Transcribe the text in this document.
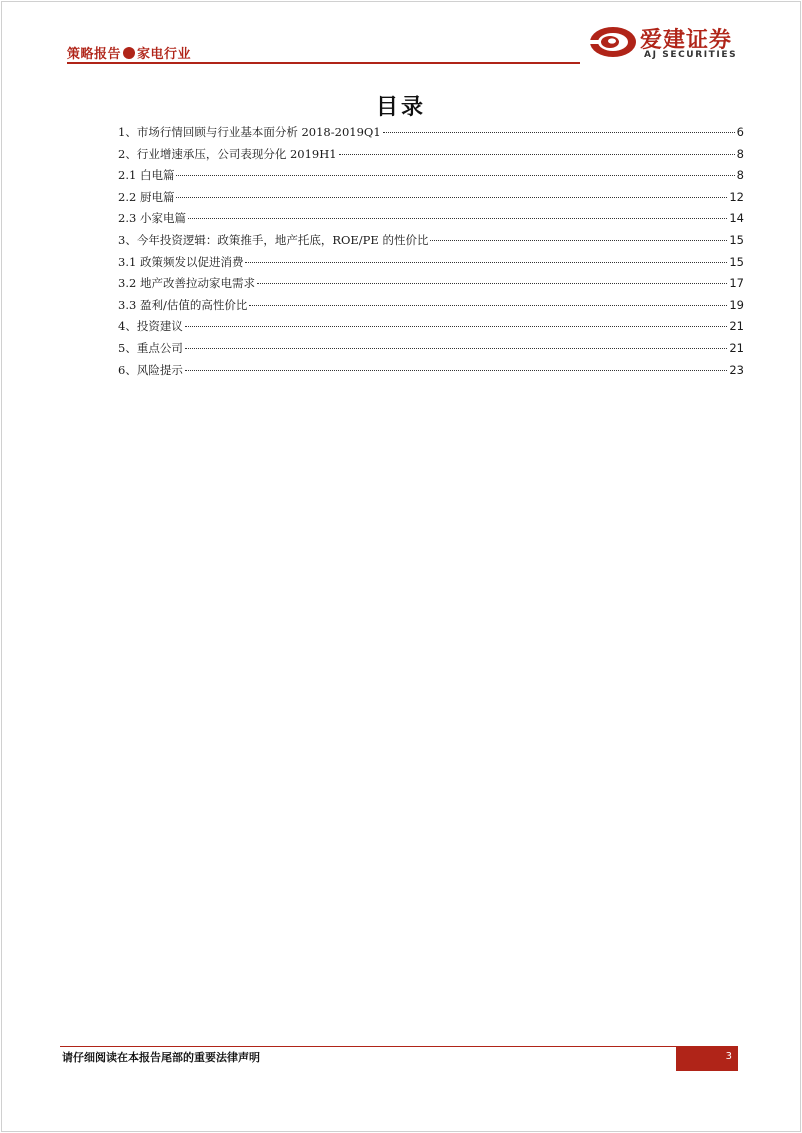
策略报告 家电行业
爱建证券
AJ SECURITIES
目录
1、市场行情回顾与行业基本面分析 2018-2019Q1	6
2、行业增速承压，公司表现分化 2019H1	8
2.1 白电篇	8
2.2 厨电篇	12
2.3 小家电篇	14
3、今年投资逻辑：政策推手，地产托底，ROE/PE 的性价比	15
3.1 政策频发以促进消费	15
3.2 地产改善拉动家电需求	17
3.3 盈利/估值的高性价比	19
4、投资建议	21
5、重点公司	21
6、风险提示	23
请仔细阅读在本报告尾部的重要法律声明	3
